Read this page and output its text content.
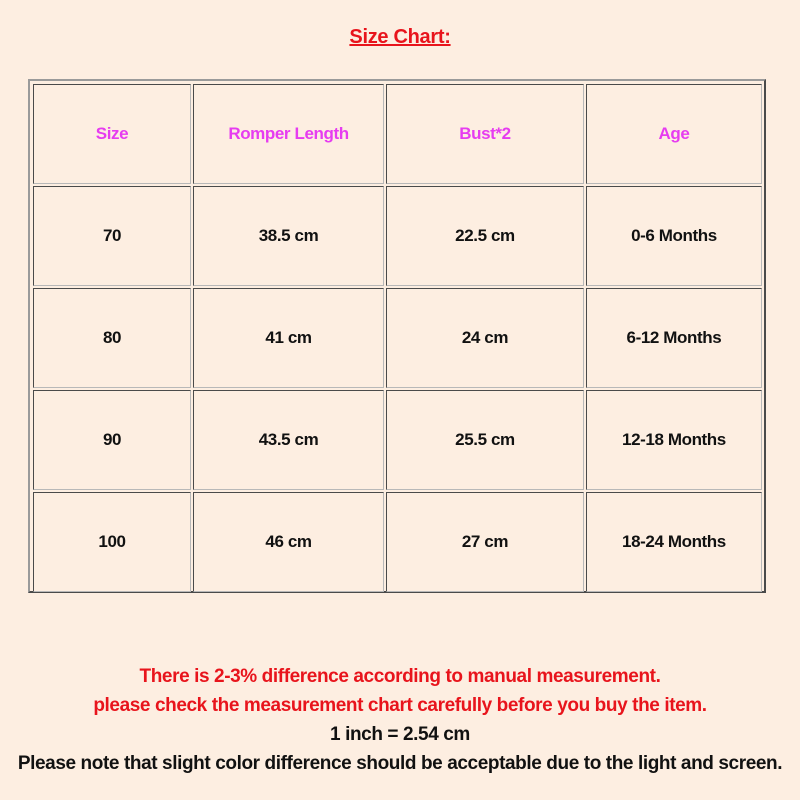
Size Chart:
Size	Romper Length	Bust*2	Age
70	38.5 cm	22.5 cm	0-6 Months
80	41 cm	24 cm	6-12 Months
90	43.5 cm	25.5 cm	12-18 Months
100	46 cm	27 cm	18-24 Months
There is 2-3% difference according to manual measurement.
please check the measurement chart carefully before you buy the item.
1 inch = 2.54 cm
Please note that slight color difference should be acceptable due to the light and screen.
